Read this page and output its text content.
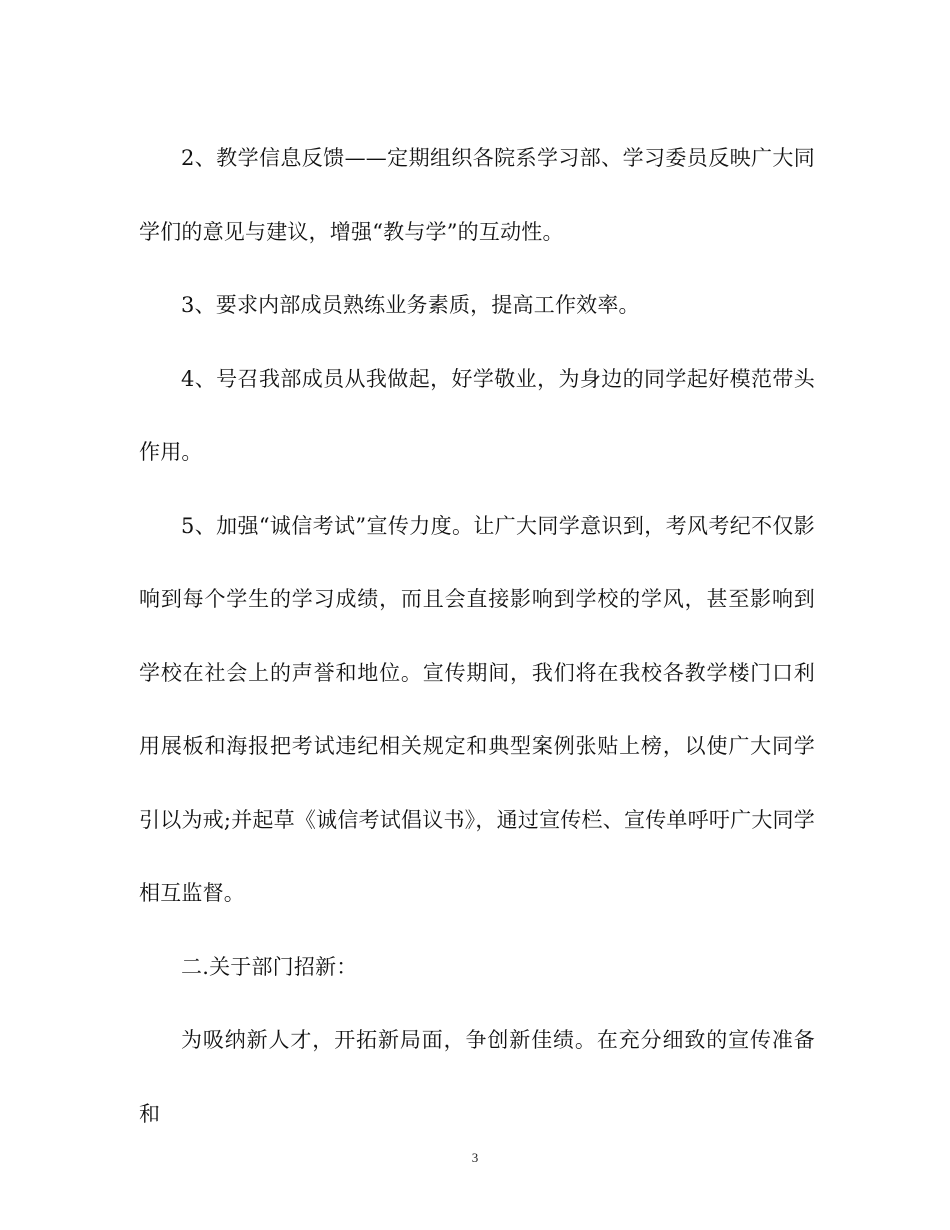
2、教学信息反馈——定期组织各院系学习部、学习委员反映广大同学们的意见与建议，增强“教与学”的互动性。

3、要求内部成员熟练业务素质，提高工作效率。

4、号召我部成员从我做起，好学敬业，为身边的同学起好模范带头作用。

5、加强“诚信考试”宣传力度。让广大同学意识到，考风考纪不仅影响到每个学生的学习成绩，而且会直接影响到学校的学风，甚至影响到学校在社会上的声誉和地位。宣传期间，我们将在我校各教学楼门口利用展板和海报把考试违纪相关规定和典型案例张贴上榜，以使广大同学引以为戒;并起草《诚信考试倡议书》，通过宣传栏、宣传单呼吁广大同学相互监督。

二.关于部门招新：

为吸纳新人才，开拓新局面，争创新佳绩。在充分细致的宣传准备和

3
